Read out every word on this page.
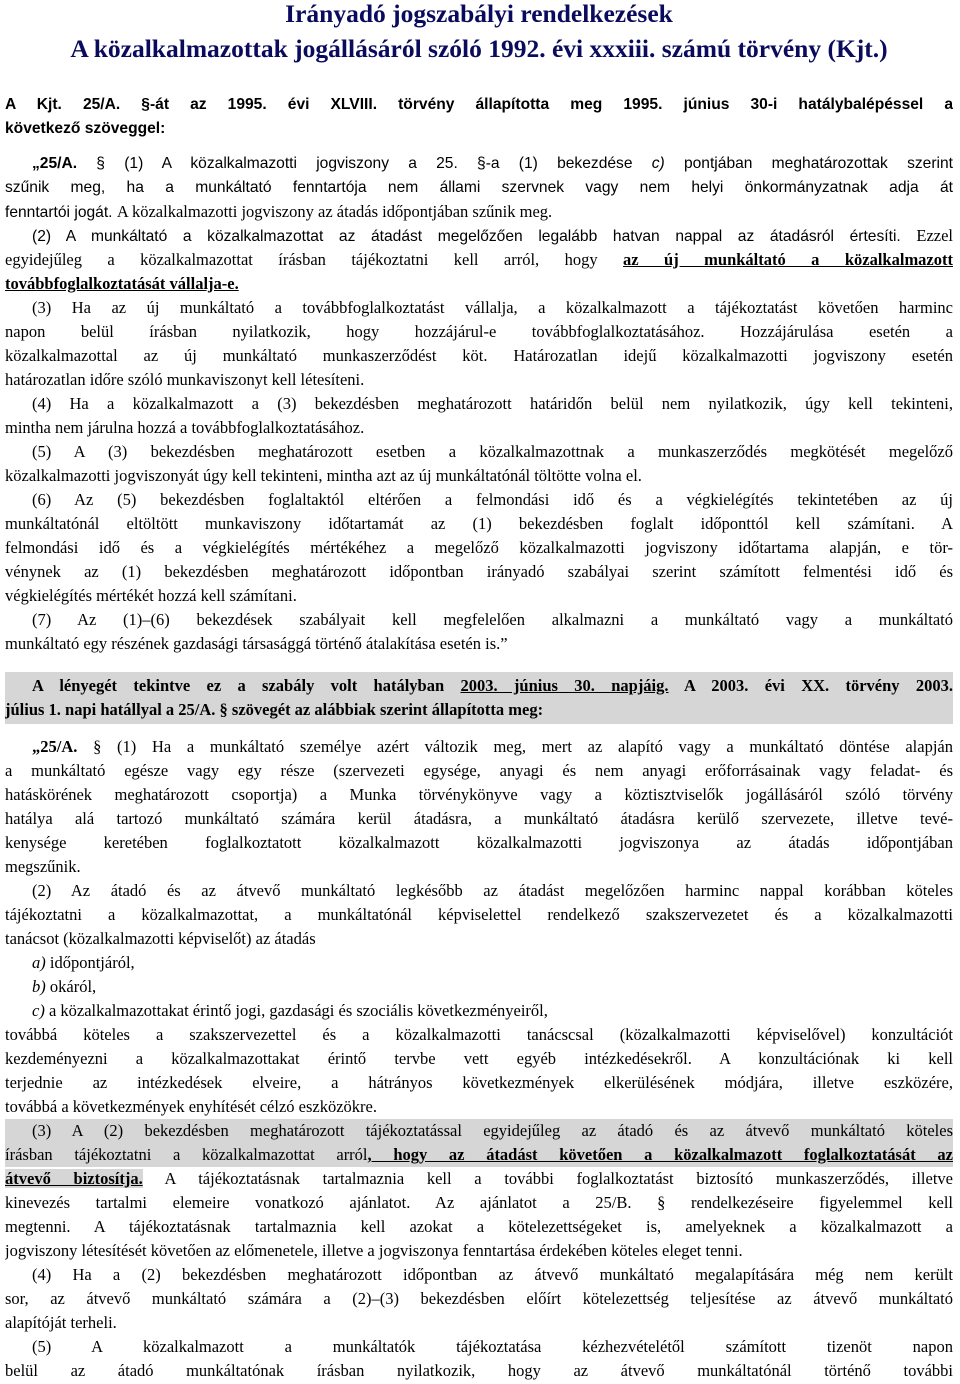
Irányadó jogszabályi rendelkezések
A közalkalmazottak jogállásáról szóló 1992. évi xxxiii. számú törvény (Kjt.)
A Kjt. 25/A. §-át az 1995. évi XLVIII. törvény állapította meg 1995. június 30-i hatálybalépéssel a
következő szöveggel:
„25/A. § (1) A közalkalmazotti jogviszony a 25. §-a (1) bekezdése c) pontjában meghatározottak szerint
szűnik meg, ha a munkáltató fenntartója nem állami szervnek vagy nem helyi önkormányzatnak adja át
fenntartói jogát. A közalkalmazotti jogviszony az átadás időpontjában szűnik meg.
(2) A munkáltató a közalkalmazottat az átadást megelőzően legalább hatvan nappal az átadásról értesíti. Ezzel
egyidejűleg a közalkalmazottat írásban tájékoztatni kell arról, hogy az új munkáltató a közalkalmazott
továbbfoglalkoztatását vállalja-e.
(3) Ha az új munkáltató a továbbfoglalkoztatást vállalja, a közalkalmazott a tájékoztatást követően harminc
napon belül írásban nyilatkozik, hogy hozzájárul-e továbbfoglalkoztatásához. Hozzájárulása esetén a
közalkalmazottal az új munkáltató munkaszerződést köt. Határozatlan idejű közalkalmazotti jogviszony esetén
határozatlan időre szóló munkaviszonyt kell létesíteni.
(4) Ha a közalkalmazott a (3) bekezdésben meghatározott határidőn belül nem nyilatkozik, úgy kell tekinteni,
mintha nem járulna hozzá a továbbfoglalkoztatásához.
(5) A (3) bekezdésben meghatározott esetben a közalkalmazottnak a munkaszerződés megkötését megelőző
közalkalmazotti jogviszonyát úgy kell tekinteni, mintha azt az új munkáltatónál töltötte volna el.
(6) Az (5) bekezdésben foglaltaktól eltérően a felmondási idő és a végkielégítés tekintetében az új
munkáltatónál eltöltött munkaviszony időtartamát az (1) bekezdésben foglalt időponttól kell számítani. A
felmondási idő és a végkielégítés mértékéhez a megelőző közalkalmazotti jogviszony időtartama alapján, e tör-
vénynek az (1) bekezdésben meghatározott időpontban irányadó szabályai szerint számított felmentési idő és
végkielégítés mértékét hozzá kell számítani.
(7) Az (1)–(6) bekezdések szabályait kell megfelelően alkalmazni a munkáltató vagy a munkáltató
munkáltató egy részének gazdasági társasággá történő átalakítása esetén is.”
A lényegét tekintve ez a szabály volt hatályban 2003. június 30. napjáig. A 2003. évi XX. törvény 2003.
július 1. napi hatállyal a 25/A. § szövegét az alábbiak szerint állapította meg:
„25/A. § (1) Ha a munkáltató személye azért változik meg, mert az alapító vagy a munkáltató döntése alapján
a munkáltató egésze vagy egy része (szervezeti egysége, anyagi és nem anyagi erőforrásainak vagy feladat- és
hatáskörének meghatározott csoportja) a Munka törvénykönyve vagy a köztisztviselők jogállásáról szóló törvény
hatálya alá tartozó munkáltató számára kerül átadásra, a munkáltató átadásra kerülő szervezete, illetve tevé-
kenysége keretében foglalkoztatott közalkalmazott közalkalmazotti jogviszonya az átadás időpontjában
megszűnik.
(2) Az átadó és az átvevő munkáltató legkésőbb az átadást megelőzően harminc nappal korábban köteles
tájékoztatni a közalkalmazottat, a munkáltatónál képviselettel rendelkező szakszervezetet és a közalkalmazotti
tanácsot (közalkalmazotti képviselőt) az átadás
a) időpontjáról,
b) okáról,
c) a közalkalmazottakat érintő jogi, gazdasági és szociális következményeiről,
továbbá köteles a szakszervezettel és a közalkalmazotti tanácscsal (közalkalmazotti képviselővel) konzultációt
kezdeményezni a közalkalmazottakat érintő tervbe vett egyéb intézkedésekről. A konzultációnak ki kell
terjednie az intézkedések elveire, a hátrányos következmények elkerülésének módjára, illetve eszközére,
továbbá a következmények enyhítését célzó eszközökre.
(3) A (2) bekezdésben meghatározott tájékoztatással egyidejűleg az átadó és az átvevő munkáltató köteles
írásban tájékoztatni a közalkalmazottat arról, hogy az átadást követően a közalkalmazott foglalkoztatását az
átvevő biztosítja. A tájékoztatásnak tartalmaznia kell a további foglalkoztatást biztosító munkaszerződés, illetve
kinevezés tartalmi elemeire vonatkozó ajánlatot. Az ajánlatot a 25/B. § rendelkezéseire figyelemmel kell
megtenni. A tájékoztatásnak tartalmaznia kell azokat a kötelezettségeket is, amelyeknek a közalkalmazott a
jogviszony létesítését követően az előmenetele, illetve a jogviszonya fenntartása érdekében köteles eleget tenni.
(4) Ha a (2) bekezdésben meghatározott időpontban az átvevő munkáltató megalapítására még nem került
sor, az átvevő munkáltató számára a (2)–(3) bekezdésben előírt kötelezettség teljesítése az átvevő munkáltató
alapítóját terheli.
(5) A közalkalmazott a munkáltatók tájékoztatása kézhezvételétől számított tizenöt napon
belül az átadó munkáltatónak írásban nyilatkozik, hogy az átvevő munkáltatónál történő további
